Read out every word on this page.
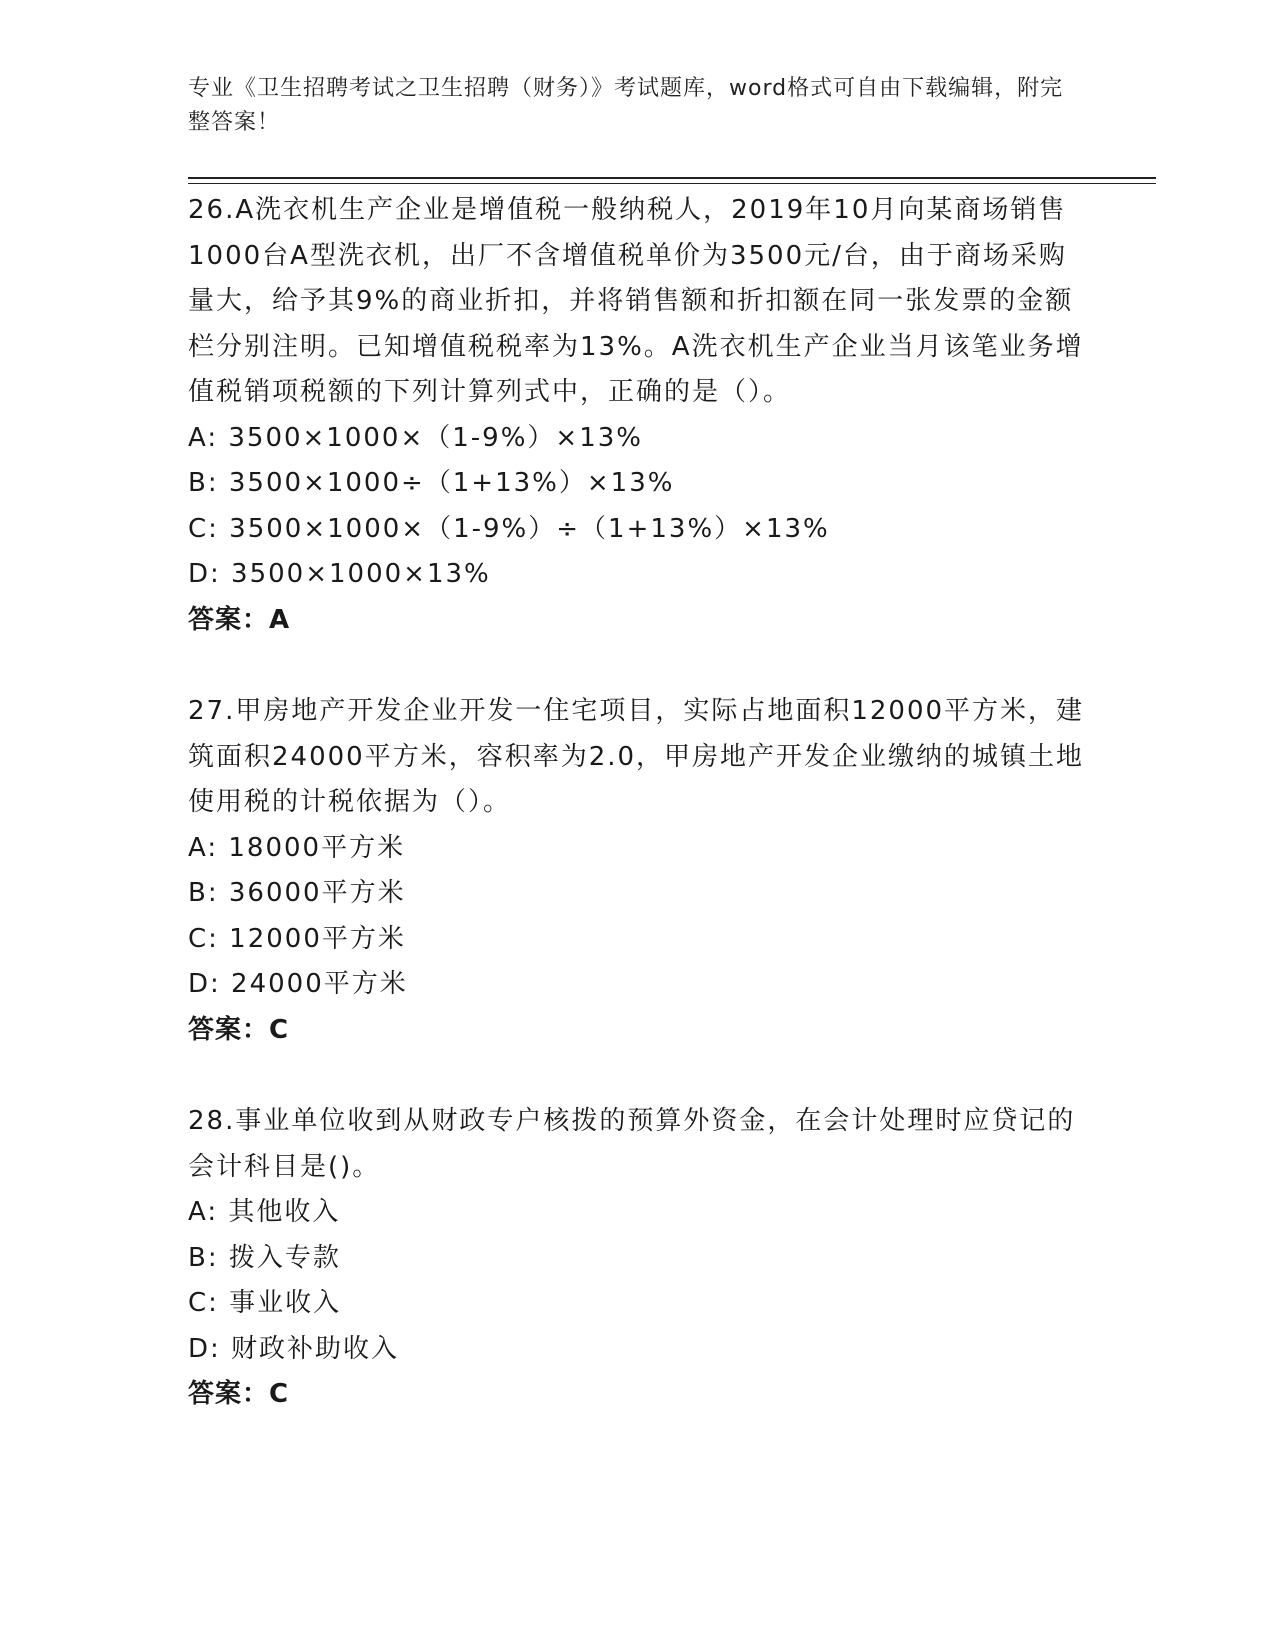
专业《卫生招聘考试之卫生招聘（财务）》考试题库，word格式可自由下载编辑，附完整答案！

26.A洗衣机生产企业是增值税一般纳税人，2019年10月向某商场销售1000台A型洗衣机，出厂不含增值税单价为3500元/台，由于商场采购量大，给予其9%的商业折扣，并将销售额和折扣额在同一张发票的金额栏分别注明。已知增值税税率为13%。A洗衣机生产企业当月该笔业务增值税销项税额的下列计算列式中，正确的是（）。

A: 3500×1000×（1-9%）×13%

B: 3500×1000÷（1+13%）×13%

C: 3500×1000×（1-9%）÷（1+13%）×13%

D: 3500×1000×13%

答案：A

27.甲房地产开发企业开发一住宅项目，实际占地面积12000平方米，建筑面积24000平方米，容积率为2.0，甲房地产开发企业缴纳的城镇土地使用税的计税依据为（）。

A: 18000平方米

B: 36000平方米

C: 12000平方米

D: 24000平方米

答案：C

28.事业单位收到从财政专户核拨的预算外资金，在会计处理时应贷记的会计科目是()。

A: 其他收入

B: 拨入专款

C: 事业收入

D: 财政补助收入

答案：C
